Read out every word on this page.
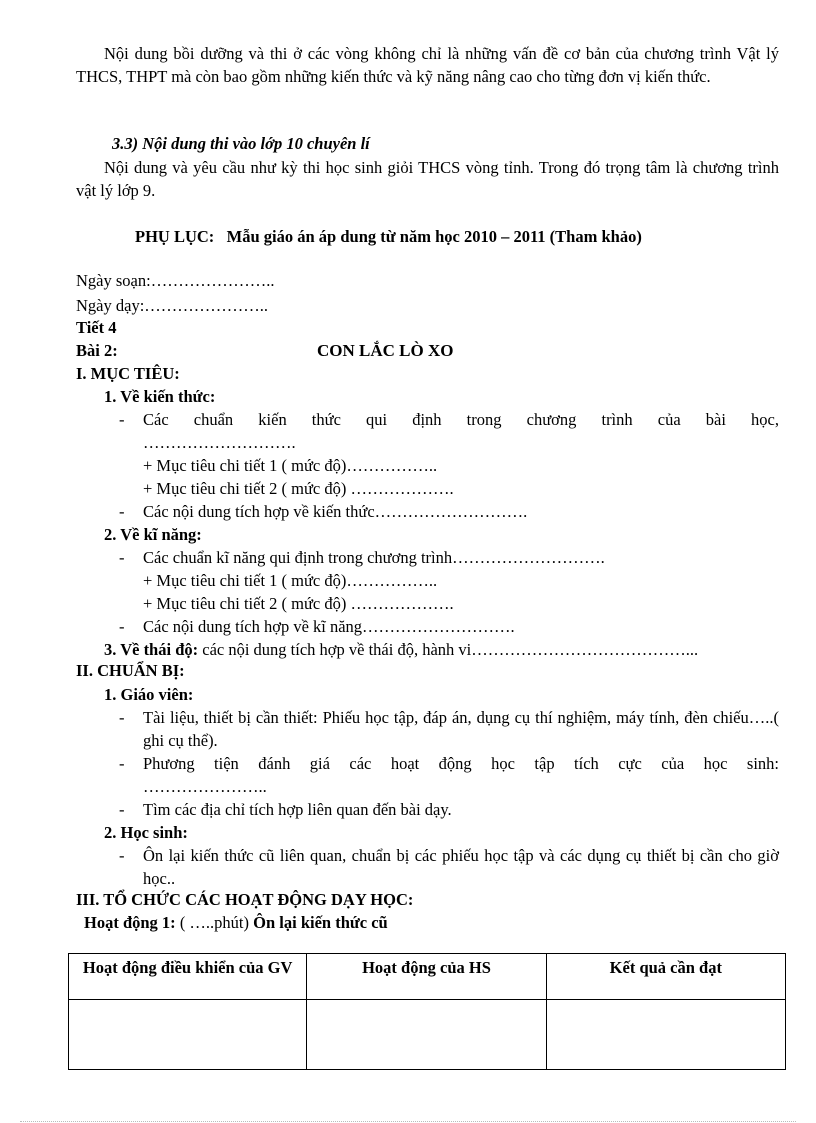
Nội dung bồi dưỡng và thi ở các vòng không chỉ là những vấn đề cơ bản của chương trình Vật lý THCS, THPT mà còn bao gồm những kiến thức và kỹ năng nâng cao cho từng đơn vị kiến thức.
3.3) Nội dung thi vào lớp 10 chuyên lí
Nội dung và yêu cầu như kỳ thi học sinh giỏi THCS vòng tỉnh. Trong đó trọng tâm là chương trình vật lý lớp 9.
PHỤ LỤC: Mẫu giáo án áp dung từ năm học 2010 – 2011 (Tham khảo)
Ngày soạn:…………………..
Ngày dạy:…………………..
Tiết 4
Bài 2:	CON LẮC LÒ XO
I. MỤC TIÊU:
1. Về kiến thức:
- Các chuẩn kiến thức qui định trong chương trình của bài học,
……………………….
+ Mục tiêu chi tiết 1 ( mức độ)……………..
+ Mục tiêu chi tiết 2 ( mức độ) ……………….
- Các nội dung tích hợp về kiến thức……………………….
2. Về kĩ năng:
- Các chuẩn kĩ năng qui định trong chương trình……………………….
+ Mục tiêu chi tiết 1 ( mức độ)……………..
+ Mục tiêu chi tiết 2 ( mức độ) ……………….
- Các nội dung tích hợp về kĩ năng……………………….
3. Về thái độ: các nội dung tích hợp về thái độ, hành vi…………………………………...
II. CHUẨN BỊ:
1. Giáo viên:
- Tài liệu, thiết bị cần thiết: Phiếu học tập, đáp án, dụng cụ thí nghiệm, máy tính, đèn chiếu…..( ghi cụ thể).
- Phương tiện đánh giá các hoạt động học tập tích cực của học sinh:
…………………..
- Tìm các địa chỉ tích hợp liên quan đến bài dạy.
2. Học sinh:
- Ôn lại kiến thức cũ liên quan, chuẩn bị các phiếu học tập và các dụng cụ thiết bị cần cho giờ học..
III. TỔ CHỨC CÁC HOẠT ĐỘNG DẠY HỌC:
Hoạt động 1: ( …..phút) Ôn lại kiến thức cũ
Hoạt động điều khiển của GV	Hoạt động của HS	Kết quả cần đạt
